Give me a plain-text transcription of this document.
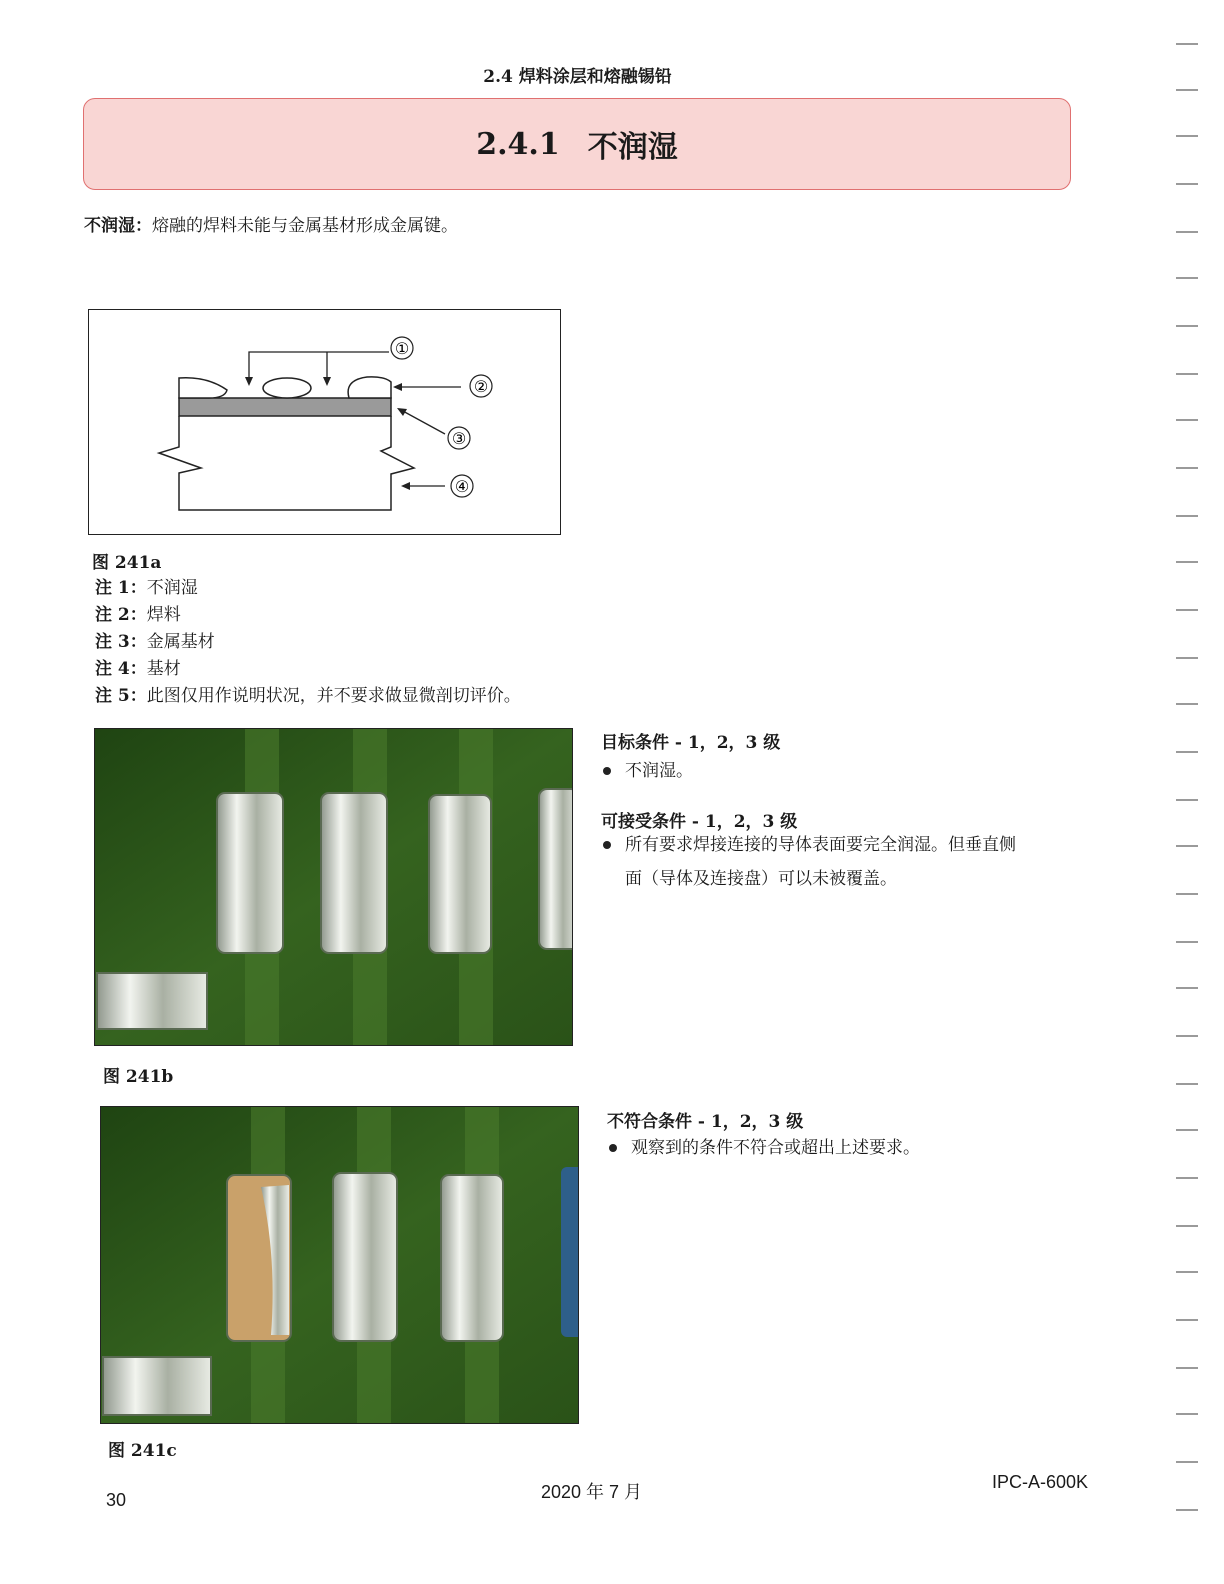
2.4 焊料涂层和熔融锡铅
2.4.1 不润湿
不润湿：熔融的焊料未能与金属基材形成金属键。
①
②
③
④
图 241a
注 1：不润湿
注 2：焊料
注 3：金属基材
注 4：基材
注 5：此图仅用作说明状况，并不要求做显微剖切评价。
图 241b
图 241c
目标条件 - 1，2，3 级
不润湿。
可接受条件 - 1，2，3 级
所有要求焊接连接的导体表面要完全润湿。但垂直侧
面（导体及连接盘）可以未被覆盖。
不符合条件 - 1，2，3 级
观察到的条件不符合或超出上述要求。
30	2020 年 7 月	IPC-A-600K
